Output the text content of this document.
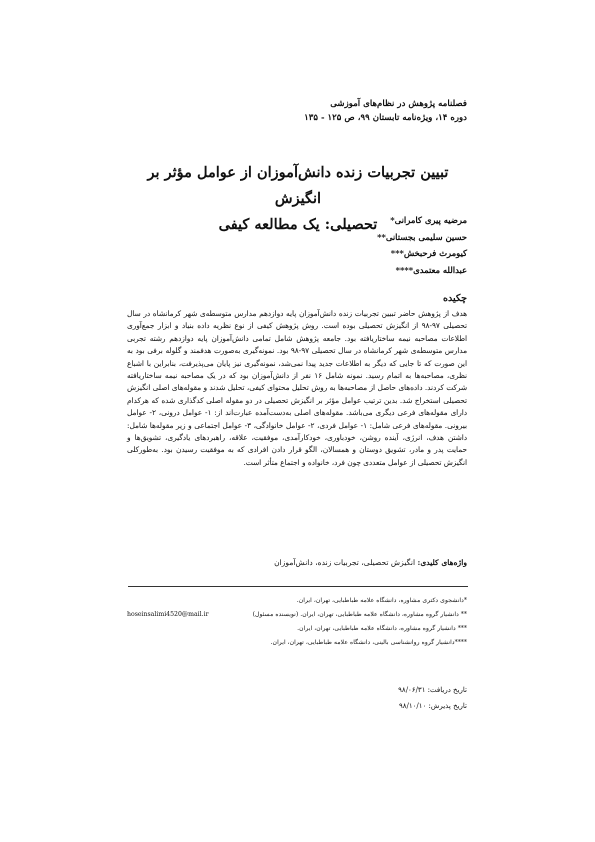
فصلنامه پژوهش در نظام‌های آموزشی
دوره ۱۴، ویژه‌نامه تابستان ۹۹، ص ۱۲۵ - ۱۳۵
تبیین تجربیات زنده دانش‌آموزان از عوامل مؤثر بر انگیزش
تحصیلی: یک مطالعه کیفی	مرضیه پیری کامرانی*
حسین سلیمی بجستانی**
کیومرث فرحبخش***
عبدالله معتمدی****
چکیده
هدف از پژوهش حاضر تبیین تجربیات زنده دانش‌آموزان پایه دوازدهم مدارس متوسطه‌ی شهر کرمانشاه در سال تحصیلی ۹۷-۹۸ از انگیزش تحصیلی بوده است. روش پژوهش کیفی از نوع نظریه داده بنیاد و ابزار جمع‌آوری اطلاعات مصاحبه نیمه ساختاریافته بود. جامعه پژوهش شامل تمامی دانش‌آموزان پایه دوازدهم رشته تجربی مدارس متوسطه‌ی شهر کرمانشاه در سال تحصیلی ۹۷-۹۸ بود. نمونه‌گیری به‌صورت هدفمند و گلوله برفی بود به این صورت که تا جایی که دیگر به اطلاعات جدید پیدا نمی‌شد، نمونه‌گیری نیز پایان می‌پذیرفت، بنابراین با اشباع نظری، مصاحبه‌ها به اتمام رسید. نمونه شامل ۱۶ نفر از دانش‌آموزان بود که در یک مصاحبه نیمه ساختاریافته شرکت کردند. داده‌های حاصل از مصاحبه‌ها به روش تحلیل محتوای کیفی، تحلیل شدند و مقوله‌های اصلی انگیزش تحصیلی استخراج شد. بدین ترتیب عوامل مؤثر بر انگیزش تحصیلی در دو مقوله اصلی کدگذاری شده که هرکدام دارای مقوله‌های فرعی دیگری می‌باشد. مقوله‌های اصلی به‌دست‌آمده عبارت‌اند از: ۱- عوامل درونی، ۲- عوامل بیرونی. مقوله‌های فرعی شامل: ۱- عوامل فردی، ۲- عوامل خانوادگی، ۳- عوامل اجتماعی و زیر مقوله‌ها شامل: داشتن هدف، انرژی، آینده روشن، خودباوری، خودکارآمدی، موفقیت، علاقه، راهبردهای یادگیری، تشویق‌ها و حمایت پدر و مادر، تشویق دوستان و همسالان، الگو قرار دادن افرادی که به موفقیت رسیدن بود. به‌طورکلی انگیزش تحصیلی از عوامل متعددی چون فرد، خانواده و اجتماع متأثر است.
واژه‌های کلیدی: انگیزش تحصیلی، تجربیات زنده، دانش‌آموزان
*دانشجوی دکتری مشاوره، دانشگاه علامه طباطبایی، تهران، ایران.
** دانشیار گروه مشاوره، دانشگاه علامه طباطبایی، تهران، ایران. (نویسنده مسئول)
hoseinsalimi4520@mail.ir
*** دانشیار گروه مشاوره، دانشگاه علامه طباطبایی، تهران، ایران.
****دانشیار گروه روانشناسی بالینی، دانشگاه علامه طباطبایی، تهران، ایران.
تاریخ دریافت: ۹۸/۰۶/۳۱
تاریخ پذیرش: ۹۸/۱۰/۱۰
